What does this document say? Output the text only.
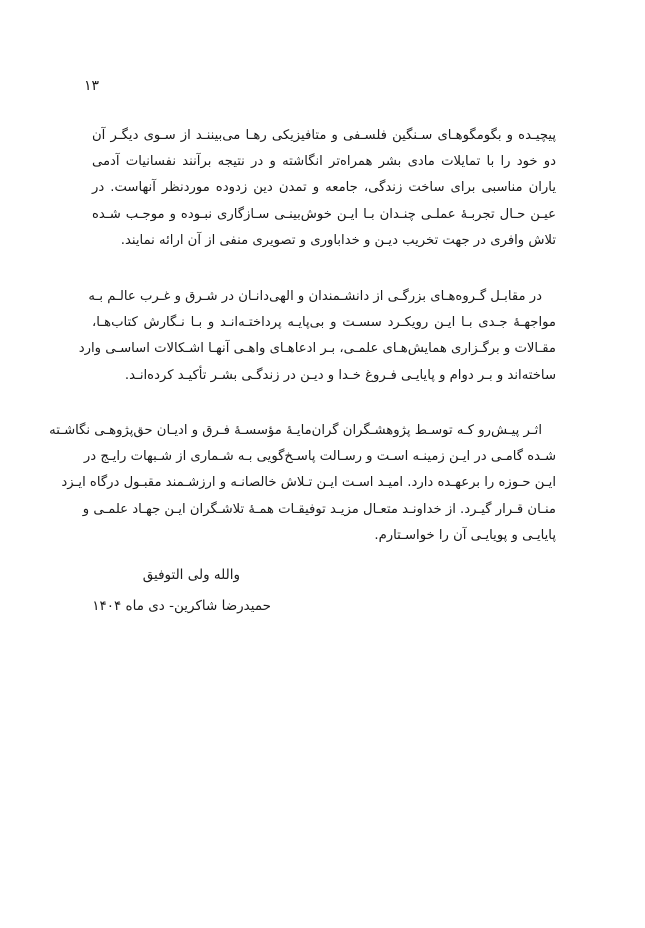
۱۳
پیچیـده و بگومگوهـای سـنگین فلسـفی و متافیزیکی رهـا می‌بیننـد از سـوی دیگـر آن
دو خود را با تمایلات مادی بشر همراه‌تر انگاشته و در نتیجه برآنند نفسانیات آدمی
یاران مناسبی برای ساخت زندگی، جامعه و تمدن دین زدوده موردنظر آنهاست. در
عیـن حـال تجربـهٔ عملـی چنـدان بـا ایـن خوش‌بینـی سـازگاری نبـوده و موجـب شـده
تلاش وافری در جهت تخریب دیـن و خداباوری و تصویری منفی از آن ارائه نمایند.
در مقابـل گـروه‌هـای بزرگـی از دانشـمندان و الهی‌دانـان در شـرق و غـرب عالـم بـه
مواجهـهٔ جـدی بـا ایـن رویکـرد سسـت و بی‌پایـه پرداختـه‌انـد و بـا نـگارش کتاب‌هـا،
مقـالات و برگـزاری همایش‌هـای علمـی، بـر ادعاهـای واهـی آنهـا اشـکالات اساسـی وارد
ساخته‌اند و بـر دوام و پایایـی فـروغ خـدا و دیـن در زندگـی بشـر تأکیـد کرده‌انـد.
اثـر پیـش‌رو کـه توسـط پژوهشـگران گران‌مایـهٔ مؤسسـهٔ فـرق و ادیـان حق‌پژوهـی نگاشـته
شـده گامـی در ایـن زمینـه اسـت و رسـالت پاسـخ‌گویی بـه شـماری از شـبهات رایـج در
ایـن حـوزه را برعهـده دارد. امیـد اسـت ایـن تـلاش خالصانـه و ارزشـمند مقبـول درگاه ایـزد
منـان قـرار گیـرد. از خداونـد متعـال مزیـد توفیقـات همـهٔ تلاشـگران ایـن جهـاد علمـی و
پایایـی و پویایـی آن را خواسـتارم.
والله ولی التوفیق
حمیدرضا شاکرین- دی ماه ۱۴۰۴
